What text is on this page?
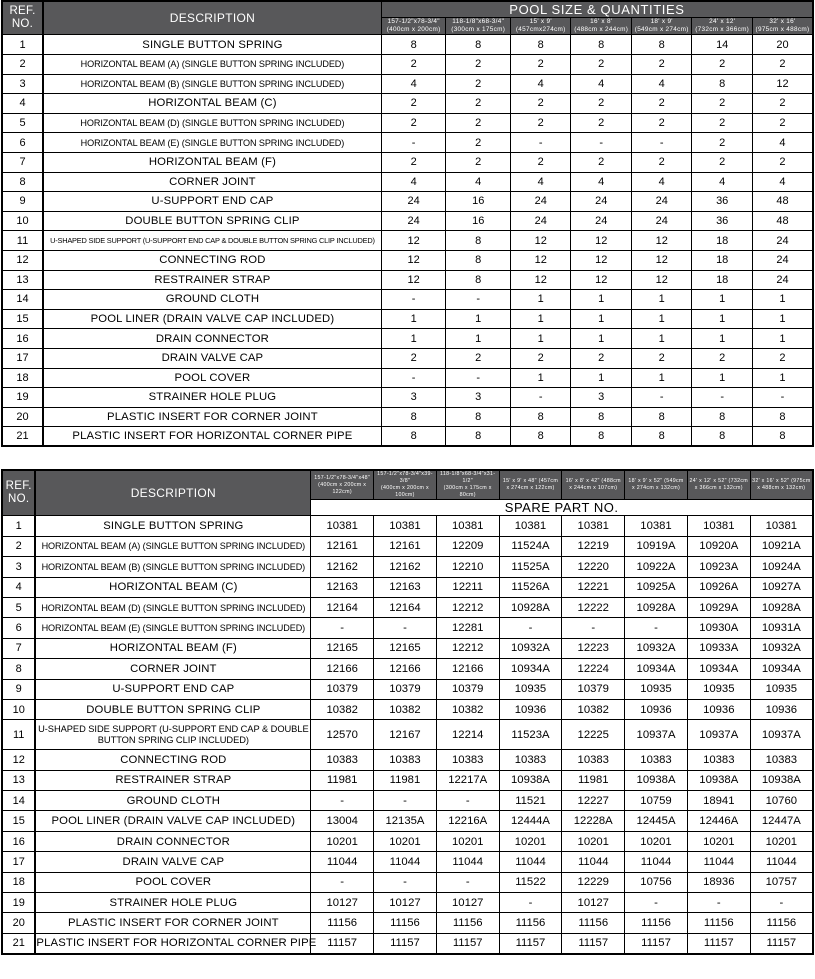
REF.
NO.	DESCRIPTION	POOL SIZE & QUANTITIES						

157-1/2"x78-3/4"
(400cm x 200cm)

118-1/8"x68-3/4"
(300cm x 175cm)

15' x 9'
(457cmx274cm)

16' x 8'
(488cm x 244cm)

18' x 9'
(549cm x 274cm)

24' x 12'
(732cm x 366cm)

32' x 16'
(975cm x 488cm)

1	SINGLE BUTTON SPRING	8	8	8	8	8	14	20
2	HORIZONTAL BEAM (A) (SINGLE BUTTON SPRING INCLUDED)	2	2	2	2	2	2	2
3	HORIZONTAL BEAM (B) (SINGLE BUTTON SPRING INCLUDED)	4	2	4	4	4	8	12
4	HORIZONTAL BEAM (C)	2	2	2	2	2	2	2
5	HORIZONTAL BEAM (D) (SINGLE BUTTON SPRING INCLUDED)	2	2	2	2	2	2	2
6	HORIZONTAL BEAM (E) (SINGLE BUTTON SPRING INCLUDED)	-	2	-	-	-	2	4
7	HORIZONTAL BEAM (F)	2	2	2	2	2	2	2
8	CORNER JOINT	4	4	4	4	4	4	4
9	U-SUPPORT END CAP	24	16	24	24	24	36	48
10	DOUBLE BUTTON SPRING CLIP	24	16	24	24	24	36	48
11	U-SHAPED SIDE SUPPORT (U-SUPPORT END CAP & DOUBLE BUTTON SPRING CLIP INCLUDED)	12	8	12	12	12	18	24
12	CONNECTING ROD	12	8	12	12	12	18	24
13	RESTRAINER STRAP	12	8	12	12	12	18	24
14	GROUND CLOTH	-	-	1	1	1	1	1
15	POOL LINER (DRAIN VALVE CAP INCLUDED)	1	1	1	1	1	1	1
16	DRAIN CONNECTOR	1	1	1	1	1	1	1
17	DRAIN VALVE CAP	2	2	2	2	2	2	2
18	POOL COVER	-	-	1	1	1	1	1
19	STRAINER HOLE PLUG	3	3	-	3	-	-	-
20	PLASTIC INSERT FOR CORNER JOINT	8	8	8	8	8	8	8
21	PLASTIC INSERT FOR HORIZONTAL CORNER PIPE	8	8	8	8	8	8	8
REF.
NO.	DESCRIPTION	
157-1/2"x78-3/4"x48"
(400cm x 200cm x 122cm)

157-1/2"x78-3/4"x39-3/8"
(400cm x 200cm x 100cm)

118-1/8"x68-3/4"x31-1/2"
(300cm x 175cm x 80cm)

15' x 9' x 48" (457cm
x 274cm x 122cm)

16' x 8' x 42" (488cm
x 244cm x 107cm)

18' x 9' x 52" (549cm
x 274cm x 132cm)

24' x 12' x 52" (732cm
x 366cm x 132cm)

32' x 16' x 52" (975cm
x 488cm x 132cm)

		SPARE PART NO.							
1	SINGLE BUTTON SPRING	10381	10381	10381	10381	10381	10381	10381	10381
2	HORIZONTAL BEAM (A) (SINGLE BUTTON SPRING INCLUDED)	12161	12161	12209	11524A	12219	10919A	10920A	10921A
3	HORIZONTAL BEAM (B) (SINGLE BUTTON SPRING INCLUDED)	12162	12162	12210	11525A	12220	10922A	10923A	10924A
4	HORIZONTAL BEAM (C)	12163	12163	12211	11526A	12221	10925A	10926A	10927A
5	HORIZONTAL BEAM (D) (SINGLE BUTTON SPRING INCLUDED)	12164	12164	12212	10928A	12222	10928A	10929A	10928A
6	HORIZONTAL BEAM (E) (SINGLE BUTTON SPRING INCLUDED)	-	-	12281	-	-	-	10930A	10931A
7	HORIZONTAL BEAM (F)	12165	12165	12212	10932A	12223	10932A	10933A	10932A
8	CORNER JOINT	12166	12166	12166	10934A	12224	10934A	10934A	10934A
9	U-SUPPORT END CAP	10379	10379	10379	10935	10379	10935	10935	10935
10	DOUBLE BUTTON SPRING CLIP	10382	10382	10382	10936	10382	10936	10936	10936
11	U-SHAPED SIDE SUPPORT (U-SUPPORT END CAP & DOUBLE BUTTON SPRING CLIP INCLUDED)	12570	12167	12214	11523A	12225	10937A	10937A	10937A
12	CONNECTING ROD	10383	10383	10383	10383	10383	10383	10383	10383
13	RESTRAINER STRAP	11981	11981	12217A	10938A	11981	10938A	10938A	10938A
14	GROUND CLOTH	-	-	-	11521	12227	10759	18941	10760
15	POOL LINER (DRAIN VALVE CAP INCLUDED)	13004	12135A	12216A	12444A	12228A	12445A	12446A	12447A
16	DRAIN CONNECTOR	10201	10201	10201	10201	10201	10201	10201	10201
17	DRAIN VALVE CAP	11044	11044	11044	11044	11044	11044	11044	11044
18	POOL COVER	-	-	-	11522	12229	10756	18936	10757
19	STRAINER HOLE PLUG	10127	10127	10127	-	10127	-	-	-
20	PLASTIC INSERT FOR CORNER JOINT	11156	11156	11156	11156	11156	11156	11156	11156
21	PLASTIC INSERT FOR HORIZONTAL CORNER PIPE	11157	11157	11157	11157	11157	11157	11157	11157
